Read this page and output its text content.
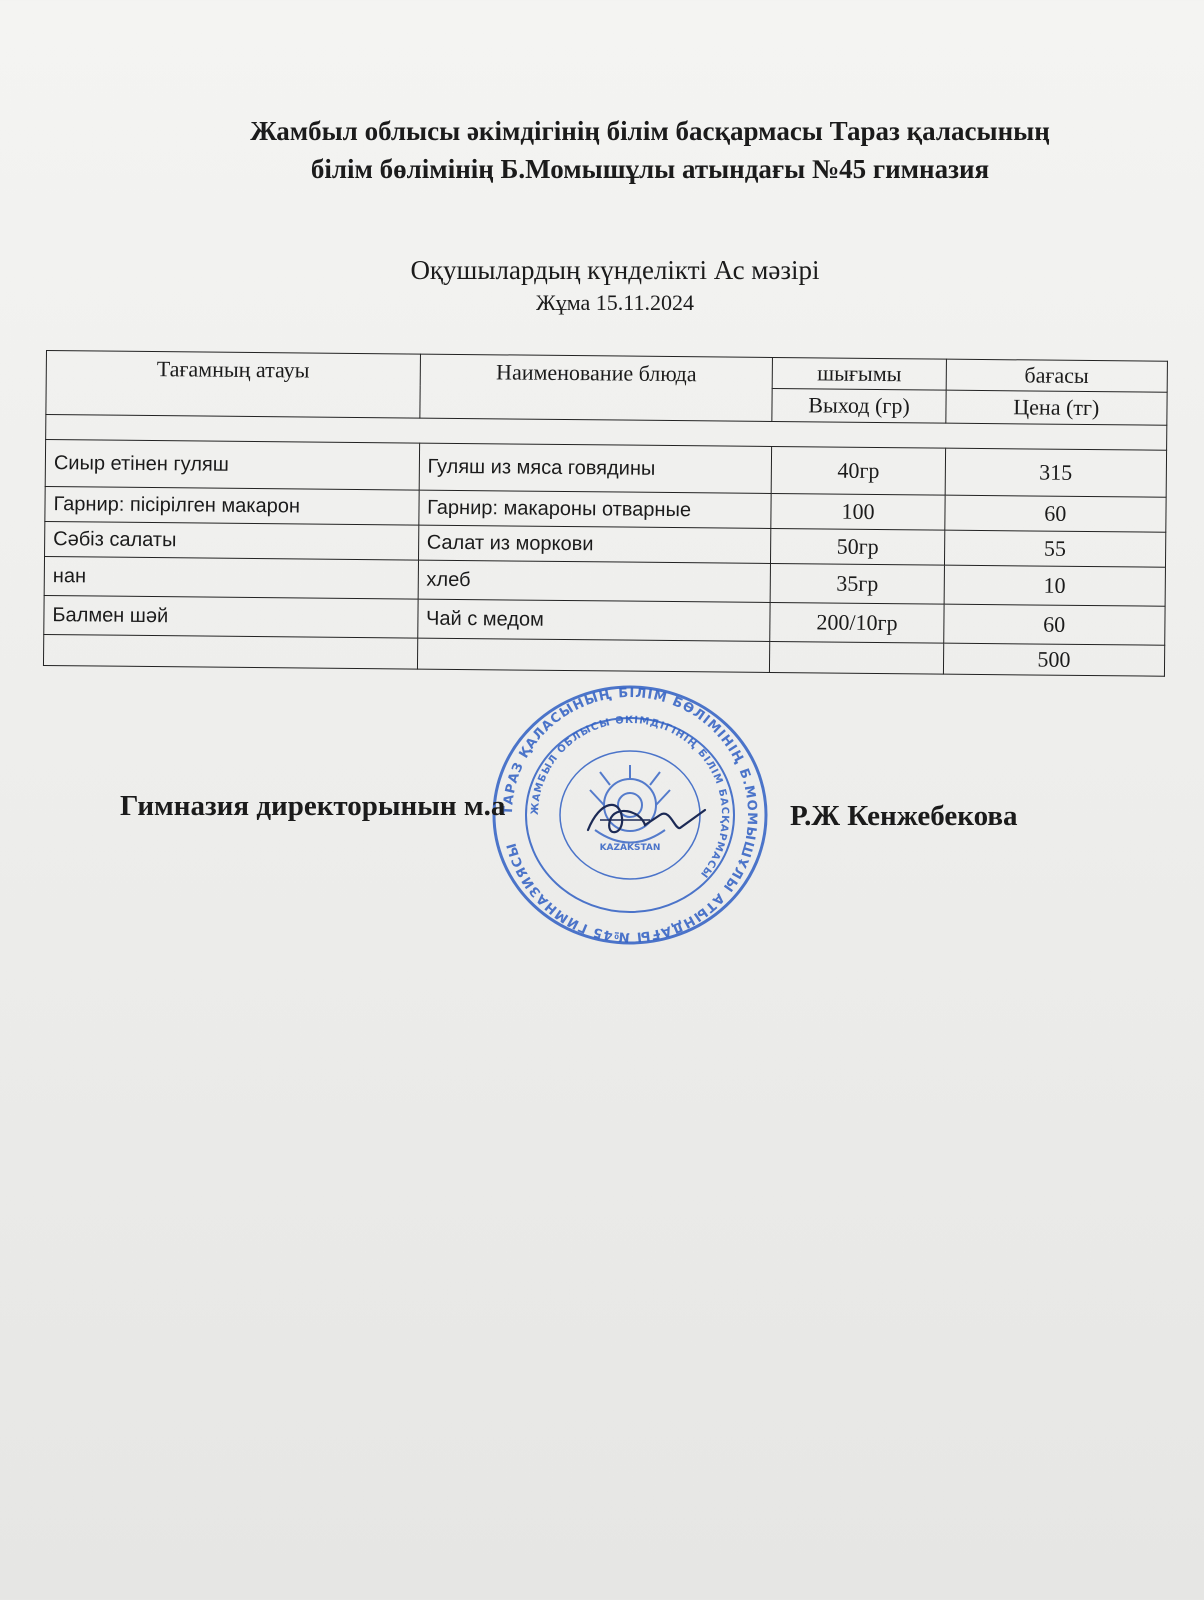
Жамбыл облысы әкімдігінің білім басқармасы Тараз қаласының
білім бөлімінің Б.Момышұлы атындағы №45 гимназия
Оқушылардың күнделікті Ас мәзірі
Жұма 15.11.2024
Тағамның атауы	Наименование блюда	шығымы	бағасы
		Выход (гр)	Цена (тг)

Сиыр етінен гуляш	Гуляш из мяса говядины	40гр	315
Гарнир: пісірілген макарон	Гарнир: макароны отварные	100	60
Сәбіз салаты	Салат из моркови	50гр	55
нан	хлеб	35гр	10
Балмен шәй	Чай с медом	200/10гр	60
			500
ТАРАЗ ҚАЛАСЫНЫҢ БІЛІМ БӨЛІМІНІҢ Б.МОМЫШҰЛЫ АТЫНДАҒЫ №45 ГИМНАЗИЯСЫ
ЖАМБЫЛ ОБЛЫСЫ ӘКІМДІГІНІҢ БІЛІМ БАСҚАРМАСЫ
KAZAKSTAN
Гимназия директорынын м.а	Р.Ж Кенжебекова
